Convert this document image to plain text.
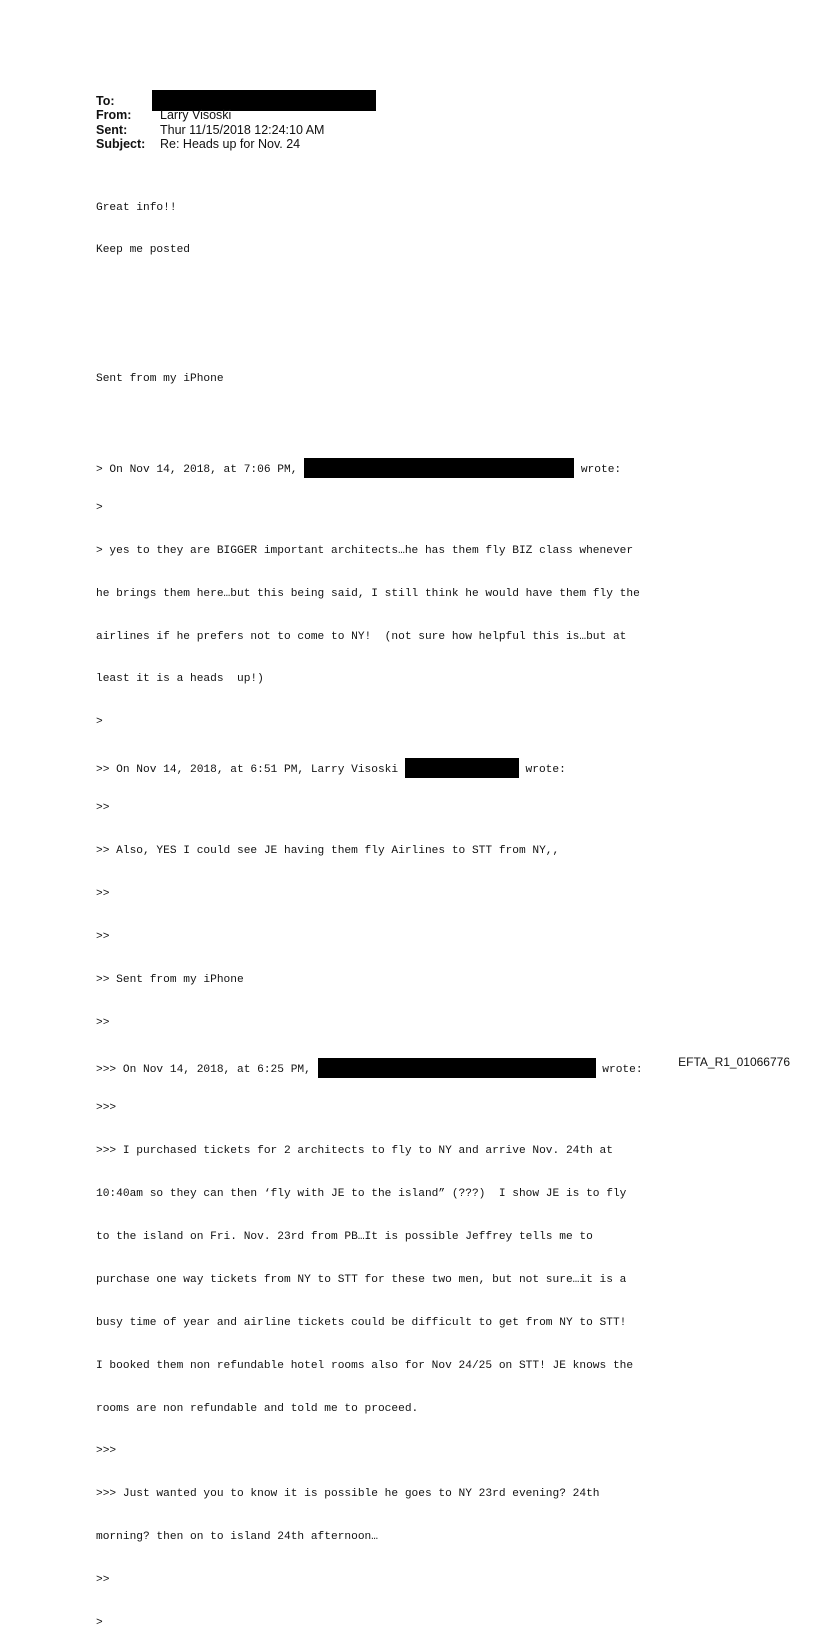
To:
From: Larry Visoski
Sent:	Thur 11/15/2018 12:24:10 AM
Subject: Re: Heads up for Nov. 24

Great info!!

Keep me posted

Sent from my iPhone

> On Nov 14, 2018, at 7:06 PM,	wrote:

>

> yes to they are BIGGER important architects…he has them fly BIZ class whenever

he brings them here…but this being said, I still think he would have them fly the

airlines if he prefers not to come to NY!  (not sure how helpful this is…but at

least it is a heads  up!)

>

>> On Nov 14, 2018, at 6:51 PM, Larry Visoski	wrote:

>>

>> Also, YES I could see JE having them fly Airlines to STT from NY,,

>>

>>

>> Sent from my iPhone

>>

>>> On Nov 14, 2018, at 6:25 PM,	wrote:

>>>

>>> I purchased tickets for 2 architects to fly to NY and arrive Nov. 24th at

10:40am so they can then ‘fly with JE to the island” (???)  I show JE is to fly

to the island on Fri. Nov. 23rd from PB…It is possible Jeffrey tells me to

purchase one way tickets from NY to STT for these two men, but not sure…it is a

busy time of year and airline tickets could be difficult to get from NY to STT!

I booked them non refundable hotel rooms also for Nov 24/25 on STT! JE knows the

rooms are non refundable and told me to proceed.

>>>

>>> Just wanted you to know it is possible he goes to NY 23rd evening? 24th

morning? then on to island 24th afternoon…

>>

>

EFTA_R1_01066776
